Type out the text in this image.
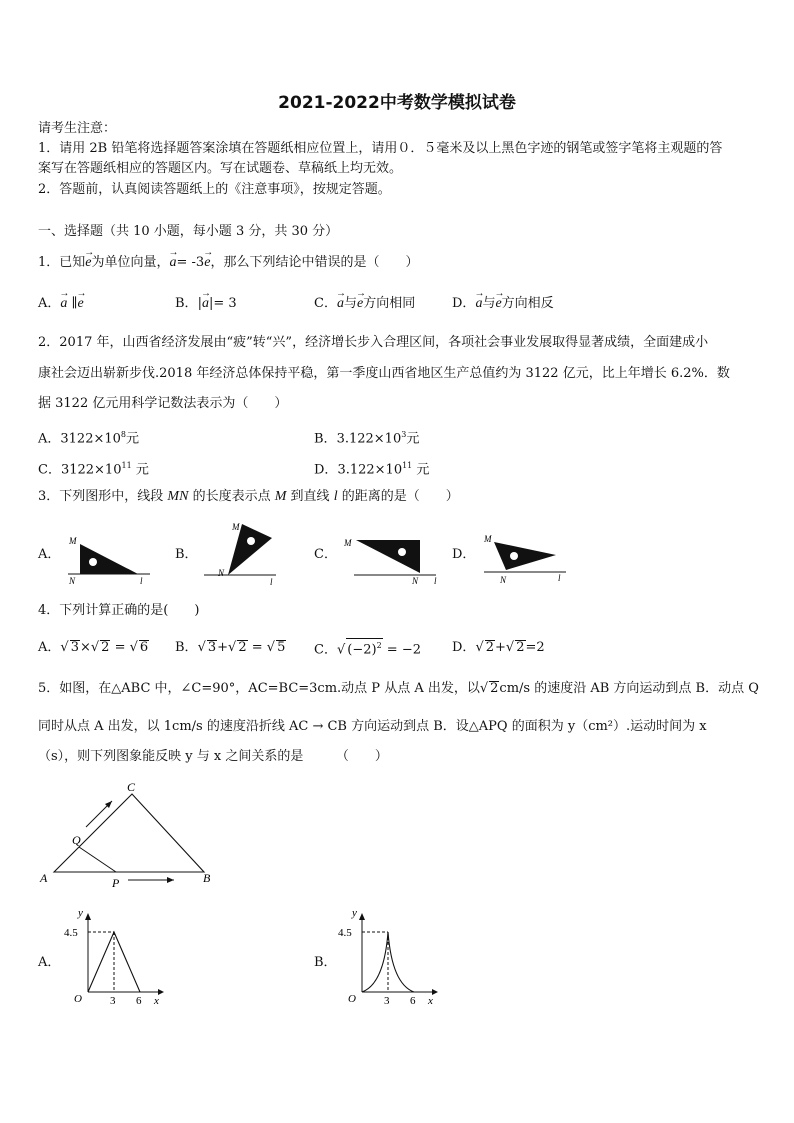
2021-2022中考数学模拟试卷
请考生注意：
1．请用 2B 铅笔将选择题答案涂填在答题纸相应位置上，请用０．５毫米及以上黑色字迹的钢笔或签字笔将主观题的答
案写在答题纸相应的答题区内。写在试题卷、草稿纸上均无效。
2．答题前，认真阅读答题纸上的《注意事项》，按规定答题。
一、选择题（共 10 小题，每小题 3 分，共 30 分）
1．已知→ e为单位向量，→ a= -3→ e，那么下列结论中错误的是（　　）
A．→ a ∥→ e	B．|→ a|= 3	C．→ a与→ e方向相同	D．→ a与→ e方向相反
2．2017 年，山西省经济发展由“疲”转“兴”，经济增长步入合理区间，各项社会事业发展取得显著成绩，全面建成小
康社会迈出崭新步伐.2018 年经济总体保持平稳，第一季度山西省地区生产总值约为 3122 亿元，比上年增长 6.2%．数
据 3122 亿元用科学记数法表示为（　　）
A．$3122\times 10^8$元	B．$3.122\times 10^3$元
C．$3122\times 10^{11}$ 元	D．$3.122\times 10^{11}$ 元
3．下列图形中，线段 MN 的长度表示点 M 到直线 l 的距离的是（　　）
A．	B．	C．	D．
M
N	l
M
N
l
M
N l
M
N	l
4．下列计算正确的是(　　)
A．√ 3×√ 2 = √ 6 B．√ 3+√ 2 = √ 5 C．√ $(-2)^2 = -2$ D．√ 2+√ 2=2
5．如图，在△ABC 中，∠C=90°，AC=BC=3cm.动点 P 从点 A 出发，以√ 2cm/s 的速度沿 AB 方向运动到点 B．动点 Q
同时从点 A 出发，以 1cm/s 的速度沿折线 AC → CB 方向运动到点 B．设△APQ 的面积为 y（cm²）.运动时间为 x
（s），则下列图象能反映 y 与 x 之间关系的是　　　（　　）
A	B
C
P
Q
A．
y
x
O
4.5
3 6
B．
y
x
O
4.5
3 6
